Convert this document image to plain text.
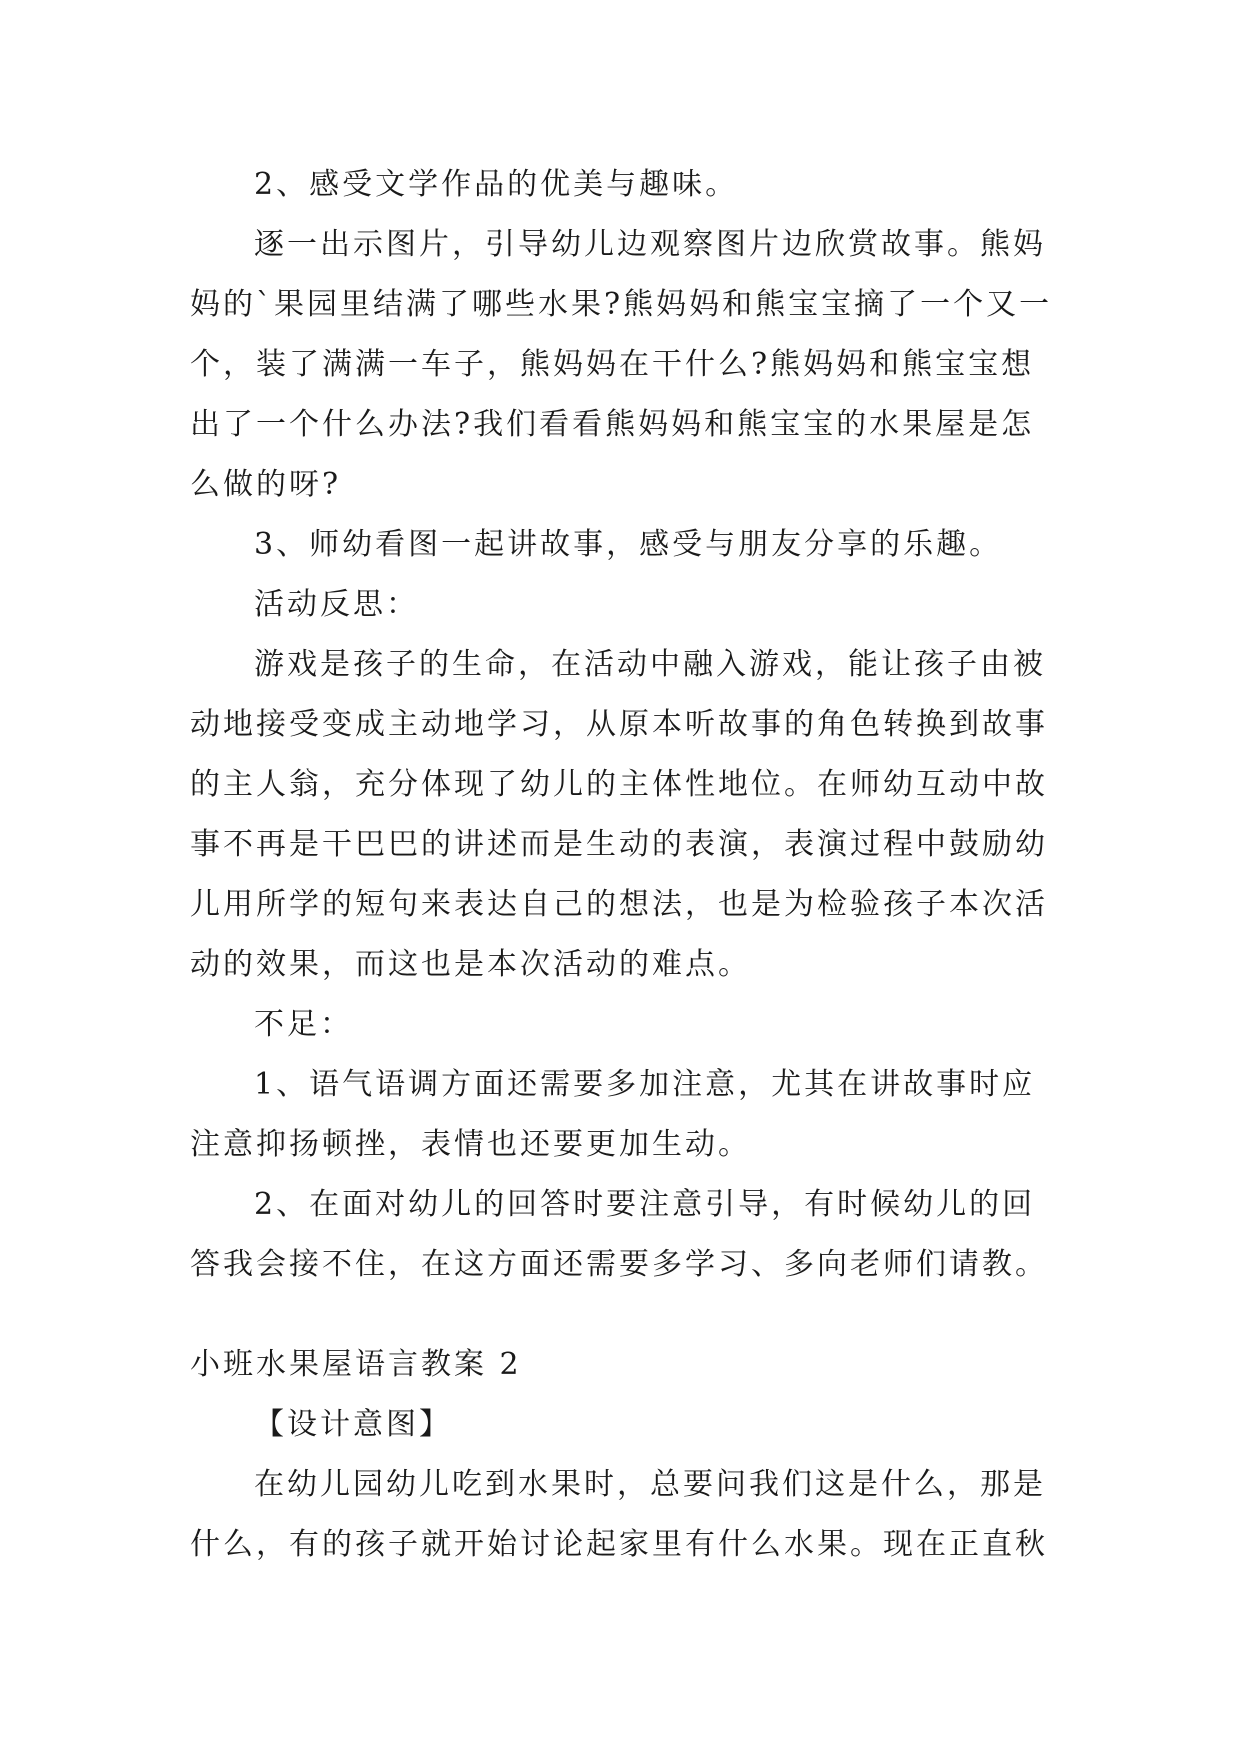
2、感受文学作品的优美与趣味。
逐一出示图片，引导幼儿边观察图片边欣赏故事。熊妈
妈的`果园里结满了哪些水果?熊妈妈和熊宝宝摘了一个又一
个，装了满满一车子，熊妈妈在干什么?熊妈妈和熊宝宝想
出了一个什么办法?我们看看熊妈妈和熊宝宝的水果屋是怎
么做的呀?
3、师幼看图一起讲故事，感受与朋友分享的乐趣。
活动反思：
游戏是孩子的生命，在活动中融入游戏，能让孩子由被
动地接受变成主动地学习，从原本听故事的角色转换到故事
的主人翁，充分体现了幼儿的主体性地位。在师幼互动中故
事不再是干巴巴的讲述而是生动的表演，表演过程中鼓励幼
儿用所学的短句来表达自己的想法，也是为检验孩子本次活
动的效果，而这也是本次活动的难点。
不足：
1、语气语调方面还需要多加注意，尤其在讲故事时应
注意抑扬顿挫，表情也还要更加生动。
2、在面对幼儿的回答时要注意引导，有时候幼儿的回
答我会接不住，在这方面还需要多学习、多向老师们请教。
小班水果屋语言教案 2
【设计意图】
在幼儿园幼儿吃到水果时，总要问我们这是什么，那是
什么，有的孩子就开始讨论起家里有什么水果。现在正直秋
